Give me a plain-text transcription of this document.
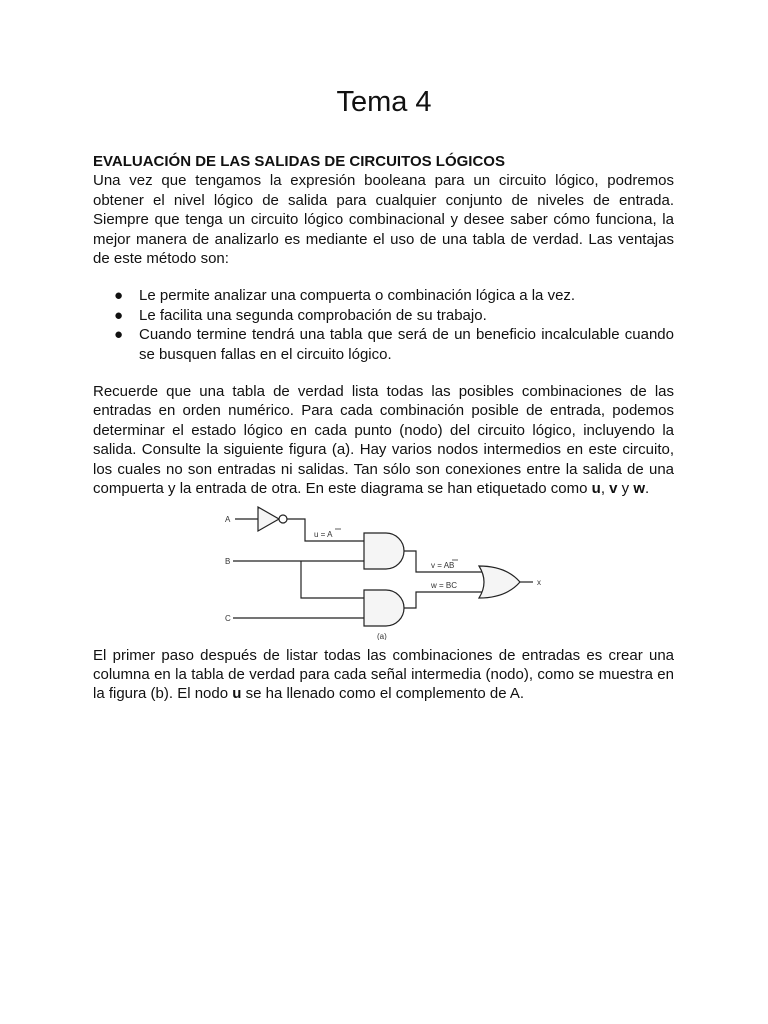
Tema 4

EVALUACIÓN DE LAS SALIDAS DE CIRCUITOS LÓGICOS

Una vez que tengamos la expresión booleana para un circuito lógico, podremos obtener el nivel lógico de salida para cualquier conjunto de niveles de entrada. Siempre que tenga un circuito lógico combinacional y desee saber cómo funciona, la mejor manera de analizarlo es mediante el uso de una tabla de verdad. Las ventajas de este método son:

● Le permite analizar una compuerta o combinación lógica a la vez.
● Le facilita una segunda comprobación de su trabajo.
● Cuando termine tendrá una tabla que será de un beneficio incalculable cuando se busquen fallas en el circuito lógico.

Recuerde que una tabla de verdad lista todas las posibles combinaciones de las entradas en orden numérico. Para cada combinación posible de entrada, podemos determinar el estado lógico en cada punto (nodo) del circuito lógico, incluyendo la salida. Consulte la siguiente figura (a). Hay varios nodos intermedios en este circuito, los cuales no son entradas ni salidas. Tan sólo son conexiones entre la salida de una compuerta y la entrada de otra. En este diagrama se han etiquetado como u, v y w.

A
B
C
u = A
v = AB
w = BC	x
(a)

El primer paso después de listar todas las combinaciones de entradas es crear una columna en la tabla de verdad para cada señal intermedia (nodo), como se muestra en la figura (b). El nodo u se ha llenado como el complemento de A.
